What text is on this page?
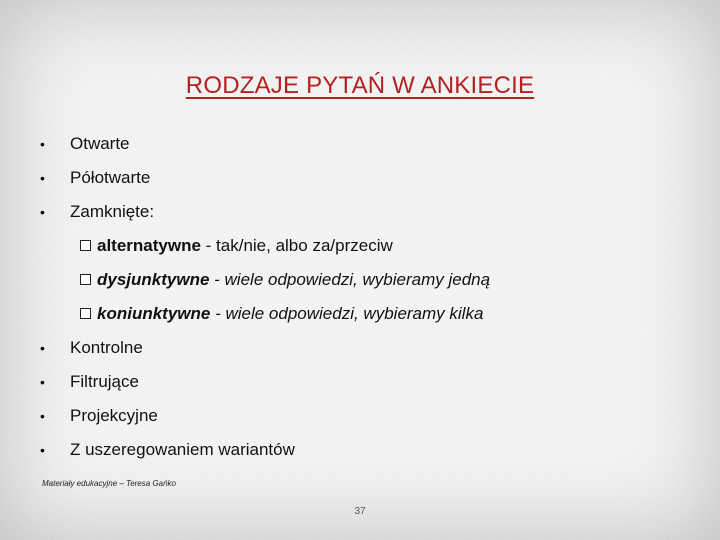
RODZAJE PYTAŃ W ANKIECIE
•	Otwarte
•	Półotwarte
•	Zamknięte:
alternatywne - tak/nie, albo za/przeciw
dysjunktywne - wiele odpowiedzi, wybieramy jedną
koniunktywne - wiele odpowiedzi, wybieramy kilka
•	Kontrolne
•	Filtrujące
•	Projekcyjne
•	Z uszeregowaniem wariantów
Materiały edukacyjne – Teresa Gańko
37
